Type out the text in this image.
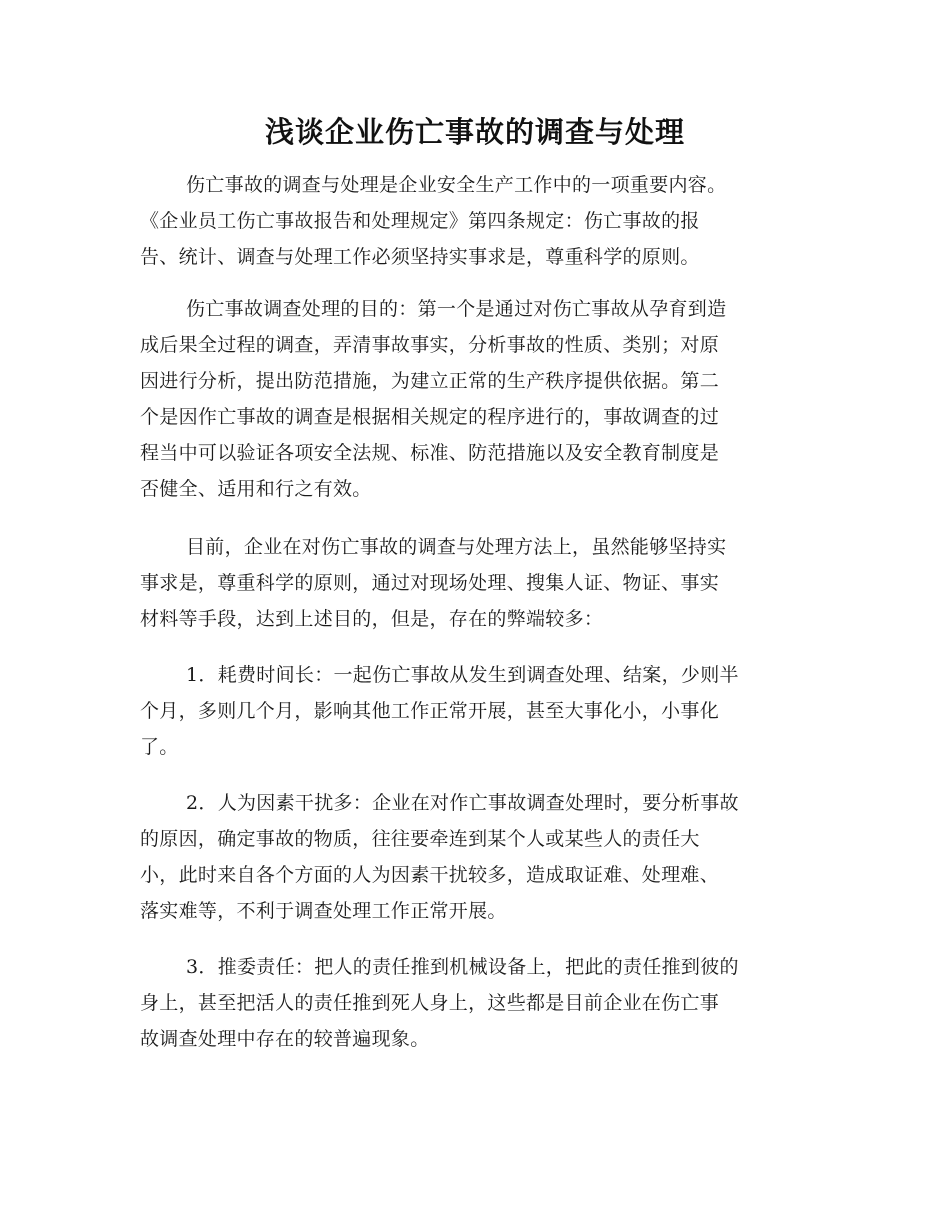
浅谈企业伤亡事故的调查与处理
伤亡事故的调查与处理是企业安全生产工作中的一项重要内容。
《企业员工伤亡事故报告和处理规定》第四条规定：伤亡事故的报
告、统计、调查与处理工作必须坚持实事求是，尊重科学的原则。
伤亡事故调查处理的目的：第一个是通过对伤亡事故从孕育到造
成后果全过程的调查，弄清事故事实，分析事故的性质、类别；对原
因进行分析，提出防范措施，为建立正常的生产秩序提供依据。第二
个是因作亡事故的调查是根据相关规定的程序进行的，事故调查的过
程当中可以验证各项安全法规、标准、防范措施以及安全教育制度是
否健全、适用和行之有效。
目前，企业在对伤亡事故的调查与处理方法上，虽然能够坚持实
事求是，尊重科学的原则，通过对现场处理、搜集人证、物证、事实
材料等手段，达到上述目的，但是，存在的弊端较多：
1．耗费时间长：一起伤亡事故从发生到调查处理、结案，少则半
个月，多则几个月，影响其他工作正常开展，甚至大事化小，小事化
了。
2．人为因素干扰多：企业在对作亡事故调查处理时，要分析事故
的原因，确定事故的物质，往往要牵连到某个人或某些人的责任大
小，此时来自各个方面的人为因素干扰较多，造成取证难、处理难、
落实难等，不利于调查处理工作正常开展。
3．推委责任：把人的责任推到机械设备上，把此的责任推到彼的
身上，甚至把活人的责任推到死人身上，这些都是目前企业在伤亡事
故调查处理中存在的较普遍现象。
